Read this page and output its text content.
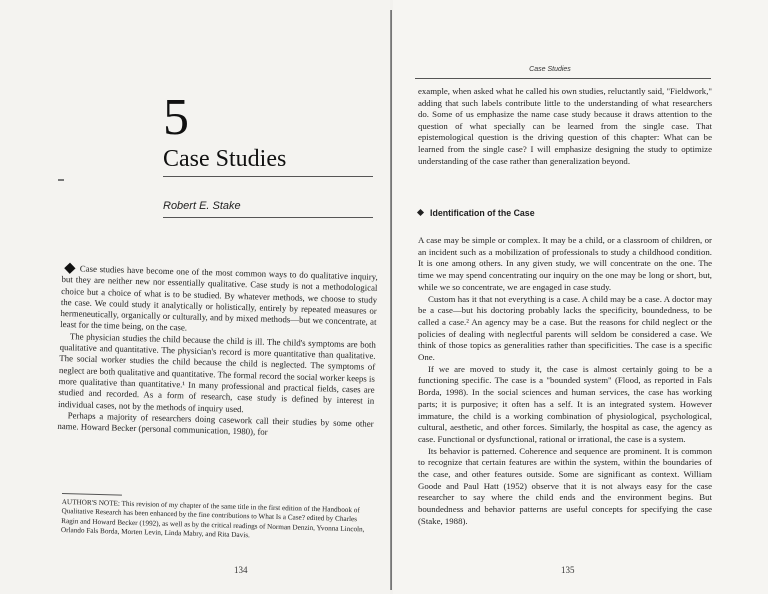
5
Case Studies
Robert E. Stake

Case studies have become one of the most common ways to do qualitative inquiry, but they are neither new nor essentially qualitative. Case study is not a methodological choice but a choice of what is to be studied. By whatever methods, we choose to study the case. We could study it analytically or holistically, entirely by repeated measures or hermeneutically, organically or culturally, and by mixed methods—but we concentrate, at least for the time being, on the case.

The physician studies the child because the child is ill. The child's symptoms are both qualitative and quantitative. The physician's record is more quantitative than qualitative. The social worker studies the child because the child is neglected. The symptoms of neglect are both qualitative and quantitative. The formal record the social worker keeps is more qualitative than quantitative.¹ In many professional and practical fields, cases are studied and recorded. As a form of research, case study is defined by interest in individual cases, not by the methods of inquiry used.

Perhaps a majority of researchers doing casework call their studies by some other name. Howard Becker (personal communication, 1980), for

AUTHOR'S NOTE: This revision of my chapter of the same title in the first edition of the Handbook of Qualitative Research has been enhanced by the fine contributions to What Is a Case? edited by Charles Ragin and Howard Becker (1992), as well as by the critical readings of Norman Denzin, Yvonna Lincoln, Orlando Fals Borda, Morten Levin, Linda Mabry, and Rita Davis.
134
Case Studies

example, when asked what he called his own studies, reluctantly said, "Fieldwork," adding that such labels contribute little to the understanding of what researchers do. Some of us emphasize the name case study because it draws attention to the question of what specially can be learned from the single case. That epistemological question is the driving question of this chapter: What can be learned from the single case? I will emphasize designing the study to optimize understanding of the case rather than generalization beyond.

Identification of the Case

A case may be simple or complex. It may be a child, or a classroom of children, or an incident such as a mobilization of professionals to study a childhood condition. It is one among others. In any given study, we will concentrate on the one. The time we may spend concentrating our inquiry on the one may be long or short, but, while we so concentrate, we are engaged in case study.

Custom has it that not everything is a case. A child may be a case. A doctor may be a case—but his doctoring probably lacks the specificity, boundedness, to be called a case.² An agency may be a case. But the reasons for child neglect or the policies of dealing with neglectful parents will seldom be considered a case. We think of those topics as generalities rather than specificities. The case is a specific One.

If we are moved to study it, the case is almost certainly going to be a functioning specific. The case is a "bounded system" (Flood, as reported in Fals Borda, 1998). In the social sciences and human services, the case has working parts; it is purposive; it often has a self. It is an integrated system. However immature, the child is a working combination of physiological, psychological, cultural, aesthetic, and other forces. Similarly, the hospital as case, the agency as case. Functional or dysfunctional, rational or irrational, the case is a system.

Its behavior is patterned. Coherence and sequence are prominent. It is common to recognize that certain features are within the system, within the boundaries of the case, and other features outside. Some are significant as context. William Goode and Paul Hatt (1952) observe that it is not always easy for the case researcher to say where the child ends and the environment begins. But boundedness and behavior patterns are useful concepts for specifying the case (Stake, 1988).

135
